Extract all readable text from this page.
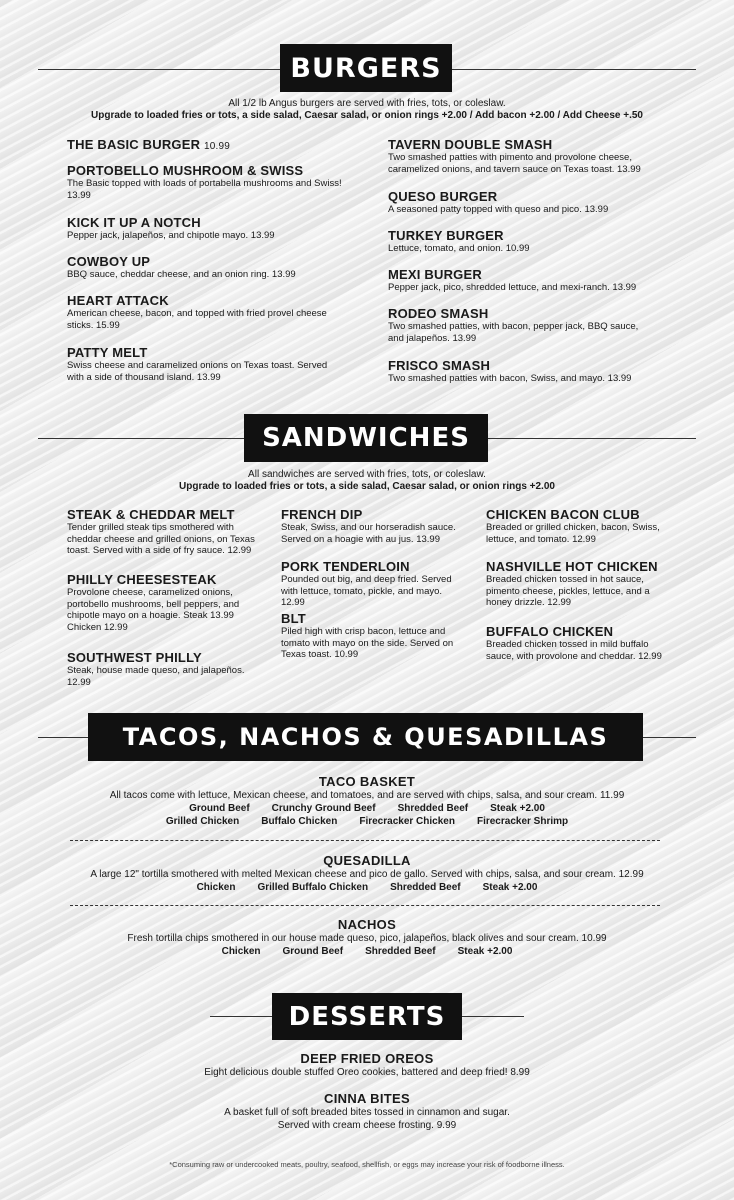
BURGERS
All 1/2 lb Angus burgers are served with fries, tots, or coleslaw.
Upgrade to loaded fries or tots, a side salad, Caesar salad, or onion rings +2.00 / Add bacon +2.00 / Add Cheese +.50
THE BASIC BURGER 10.99
PORTOBELLO MUSHROOM & SWISS
The Basic topped with loads of portabella mushrooms and Swiss! 13.99
KICK IT UP A NOTCH
Pepper jack, jalapeños, and chipotle mayo. 13.99
COWBOY UP
BBQ sauce, cheddar cheese, and an onion ring. 13.99
HEART ATTACK
American cheese, bacon, and topped with fried provel cheese sticks. 15.99
PATTY MELT
Swiss cheese and caramelized onions on Texas toast. Served with a side of thousand island. 13.99
TAVERN DOUBLE SMASH
Two smashed patties with pimento and provolone cheese, caramelized onions, and tavern sauce on Texas toast. 13.99
QUESO BURGER
A seasoned patty topped with queso and pico. 13.99
TURKEY BURGER
Lettuce, tomato, and onion. 10.99
MEXI BURGER
Pepper jack, pico, shredded lettuce, and mexi-ranch. 13.99
RODEO SMASH
Two smashed patties, with bacon, pepper jack, BBQ sauce, and jalapeños. 13.99
FRISCO SMASH
Two smashed patties with bacon, Swiss, and mayo. 13.99
SANDWICHES
All sandwiches are served with fries, tots, or coleslaw.
Upgrade to loaded fries or tots, a side salad, Caesar salad, or onion rings +2.00
STEAK & CHEDDAR MELT
Tender grilled steak tips smothered with cheddar cheese and grilled onions, on Texas toast. Served with a side of fry sauce. 12.99
PHILLY CHEESESTEAK
Provolone cheese, caramelized onions, portobello mushrooms, bell peppers, and chipotle mayo on a hoagie. Steak 13.99 Chicken 12.99
SOUTHWEST PHILLY
Steak, house made queso, and jalapeños. 12.99
FRENCH DIP
Steak, Swiss, and our horseradish sauce. Served on a hoagie with au jus. 13.99
PORK TENDERLOIN
Pounded out big, and deep fried. Served with lettuce, tomato, pickle, and mayo. 12.99
BLT
Piled high with crisp bacon, lettuce and tomato with mayo on the side. Served on Texas toast. 10.99
CHICKEN BACON CLUB
Breaded or grilled chicken, bacon, Swiss, lettuce, and tomato. 12.99
NASHVILLE HOT CHICKEN
Breaded chicken tossed in hot sauce, pimento cheese, pickles, lettuce, and a honey drizzle. 12.99
BUFFALO CHICKEN
Breaded chicken tossed in mild buffalo sauce, with provolone and cheddar. 12.99
TACOS, NACHOS & QUESADILLAS
TACO BASKET
All tacos come with lettuce, Mexican cheese, and tomatoes, and are served with chips, salsa, and sour cream. 11.99
Ground Beef Crunchy Ground Beef Shredded Beef Steak +2.00
Grilled Chicken Buffalo Chicken Firecracker Chicken Firecracker Shrimp
QUESADILLA
A large 12" tortilla smothered with melted Mexican cheese and pico de gallo. Served with chips, salsa, and sour cream. 12.99
Chicken Grilled Buffalo Chicken Shredded Beef Steak +2.00
NACHOS
Fresh tortilla chips smothered in our house made queso, pico, jalapeños, black olives and sour cream. 10.99
Chicken Ground Beef Shredded Beef Steak +2.00
DESSERTS
DEEP FRIED OREOS
Eight delicious double stuffed Oreo cookies, battered and deep fried! 8.99
CINNA BITES
A basket full of soft breaded bites tossed in cinnamon and sugar.
Served with cream cheese frosting. 9.99
*Consuming raw or undercooked meats, poultry, seafood, shellfish, or eggs may increase your risk of foodborne illness.
